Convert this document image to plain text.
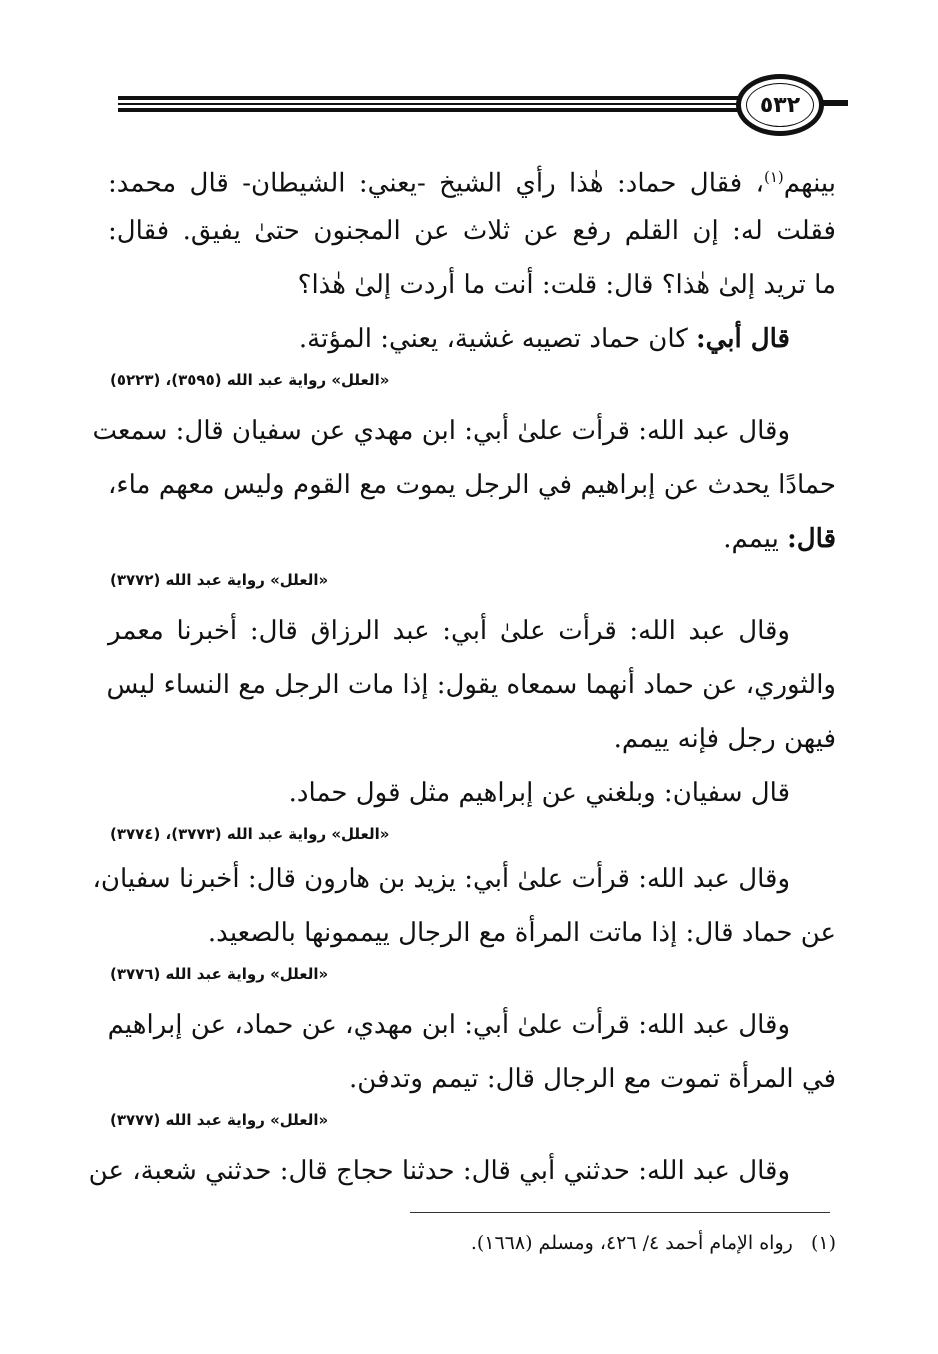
٥٣٢
بينهم$^{(١)}$، فقال حماد: هٰذا رأي الشيخ -يعني: الشيطان- قال محمد:
فقلت له: إن القلم رفع عن ثلاث عن المجنون حتىٰ يفيق. فقال:
ما تريد إلىٰ هٰذا؟ قال: قلت: أنت ما أردت إلىٰ هٰذا؟
قال أبي: كان حماد تصيبه غشية، يعني: المؤتة.
«العلل» رواية عبد الله (٣٥٩٥)، (٥٢٢٣)
وقال عبد الله: قرأت علىٰ أبي: ابن مهدي عن سفيان قال: سمعت
حمادًا يحدث عن إبراهيم في الرجل يموت مع القوم وليس معهم ماء،
قال: ييمم.
«العلل» رواية عبد الله (٣٧٧٢)
وقال عبد الله: قرأت علىٰ أبي: عبد الرزاق قال: أخبرنا معمر
والثوري، عن حماد أنهما سمعاه يقول: إذا مات الرجل مع النساء ليس
فيهن رجل فإنه ييمم.
قال سفيان: وبلغني عن إبراهيم مثل قول حماد.
«العلل» رواية عبد الله (٣٧٧٣)، (٣٧٧٤)
وقال عبد الله: قرأت علىٰ أبي: يزيد بن هارون قال: أخبرنا سفيان،
عن حماد قال: إذا ماتت المرأة مع الرجال ييممونها بالصعيد.
«العلل» رواية عبد الله (٣٧٧٦)
وقال عبد الله: قرأت علىٰ أبي: ابن مهدي، عن حماد، عن إبراهيم
في المرأة تموت مع الرجال قال: تيمم وتدفن.
«العلل» رواية عبد الله (٣٧٧٧)
وقال عبد الله: حدثني أبي قال: حدثنا حجاج قال: حدثني شعبة، عن
(١)   رواه الإمام أحمد ٤/ ٤٢٦، ومسلم (١٦٦٨).
